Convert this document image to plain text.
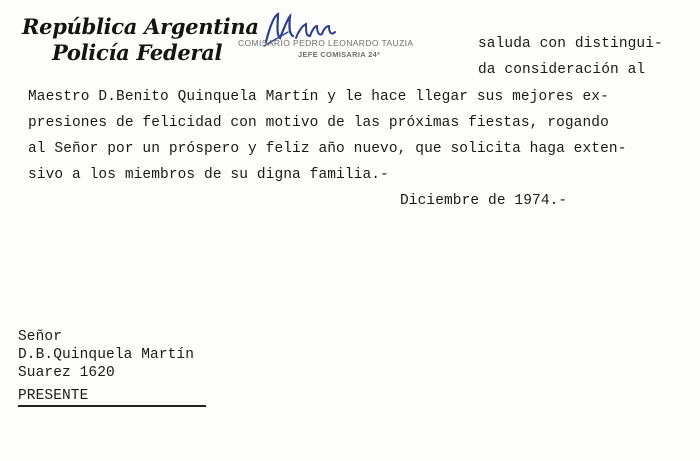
República Argentina
Policía Federal COMISARIO PEDRO LEONARDO TAUZIA
JEFE COMISARIA 24ª
saluda con distingui-
da consideración al
Maestro D.Benito Quinquela Martín y le hace llegar sus mejores ex-
presiones de felicidad con motivo de las próximas fiestas, rogando
al Señor por un próspero y feliz año nuevo, que solicita haga exten-
sivo a los miembros de su digna familia.-
Diciembre de 1974.-
Señor
D.B.Quinquela Martín
Suarez 1620
PRESENTE
